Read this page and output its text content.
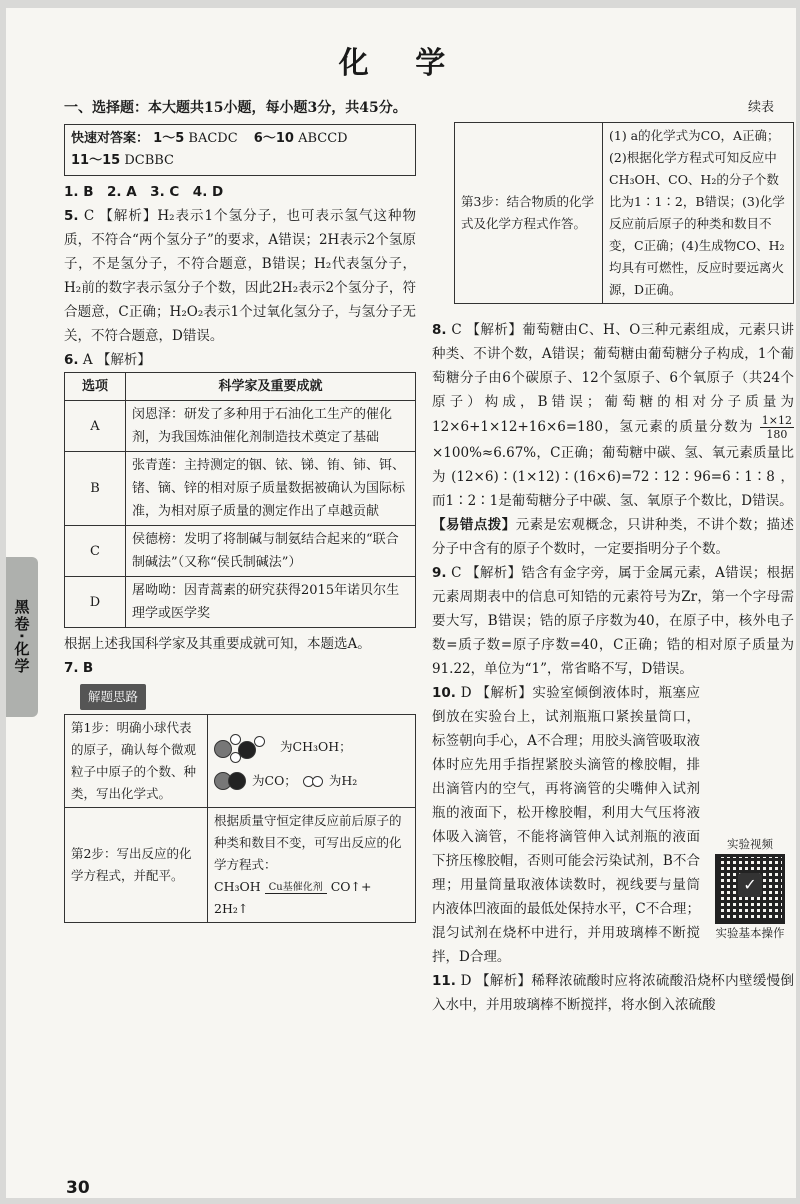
化 学
一、选择题：本大题共15小题，每小题3分，共45分。
快速对答案： 1～5 BACDC 6～10 ABCCD
11～15 DCBBC

1. B　2. A　3. C　4. D

5. C 【解析】H₂表示1个氢分子，也可表示氢气这种物质，不符合“两个氢分子”的要求，A错误；2H表示2个氢原子，不是氢分子，不符合题意，B错误；H₂代表氢分子，H₂前的数字表示氢分子个数，因此2H₂表示2个氢分子，符合题意，C正确；H₂O₂表示1个过氧化氢分子，与氢分子无关，不符合题意，D错误。

6. A 【解析】

选项	科学家及重要成就
A	闵恩泽：研发了多种用于石油化工生产的催化剂，为我国炼油催化剂制造技术奠定了基础
B	张青莲：主持测定的铟、铱、锑、铕、铈、铒、锗、镝、锌的相对原子质量数据被确认为国际标准，为相对原子质量的测定作出了卓越贡献
C	侯德榜：发明了将制碱与制氨结合起来的“联合制碱法”（又称“侯氏制碱法”）
D	屠呦呦：因青蒿素的研究获得2015年诺贝尔生理学或医学奖

根据上述我国科学家及其重要成就可知，本题选A。

7. B

解题思路
第1步：明确小球代表的原子，确认每个微观粒子中原子的个数、种类，写出化学式。	为CH₃OH；
为CO； 为H₂

第2步：写出反应的化学方程式，并配平。	根据质量守恒定律反应前后原子的种类和数目不变，可写出反应的化学方程式：
CH₃OH Cu基催化剂 CO↑+
2H₂↑
续表
第3步：结合物质的化学式及化学方程式作答。	(1) a的化学式为CO，A正确；(2)根据化学方程式可知反应中CH₃OH、CO、H₂的分子个数比为1∶1∶2，B错误；(3)化学反应前后原子的种类和数目不变，C正确；(4)生成物CO、H₂均具有可燃性，反应时要远离火源，D正确。

8. C 【解析】葡萄糖由C、H、O三种元素组成，元素只讲种类、不讲个数，A错误；葡萄糖由葡萄糖分子构成，1个葡萄糖分子由6个碳原子、12个氢原子、6个氧原子（共24个原子）构成，B错误；葡萄糖的相对分子质量为12×6+1×12+16×6=180，氢元素的质量分数为 $\frac{1\times 12}{180}$
×100%≈6.67%，C正确；葡萄糖中碳、氢、氧元素质量比为(12×6)∶(1×12)∶(16×6)=72∶12∶96=6∶1∶8，而1∶2∶1是葡萄糖分子中碳、氢、氧原子个数比，D错误。

【易错点拨】元素是宏观概念，只讲种类，不讲个数；描述分子中含有的原子个数时，一定要指明分子个数。

9. C 【解析】锆含有金字旁，属于金属元素，A错误；根据元素周期表中的信息可知锆的元素符号为Zr，第一个字母需要大写，B错误；锆的原子序数为40，在原子中，核外电子数=质子数=原子序数=40，C正确；锆的相对原子质量为91.22，单位为“1”，常省略不写，D错误。

实验视频
✓
实验基本操作
10. D 【解析】实验室倾倒液体时，瓶塞应倒放在实验台上，试剂瓶瓶口紧挨量筒口，标签朝向手心，A不合理；用胶头滴管吸取液体时应先用手指捏紧胶头滴管的橡胶帽，排出滴管内的空气，再将滴管的尖嘴伸入试剂瓶的液面下，松开橡胶帽，利用大气压将液体吸入滴管，不能将滴管伸入试剂瓶的液面下挤压橡胶帽，否则可能会污染试剂，B不合理；用量筒量取液体读数时，视线要与量筒内液体凹液面的最低处保持水平，C不合理；混匀试剂在烧杯中进行，并用玻璃棒不断搅拌，D合理。

11. D 【解析】稀释浓硫酸时应将浓硫酸沿烧杯内壁缓慢倒入水中，并用玻璃棒不断搅拌，将水倒入浓硫酸

30
黑卷·化学
